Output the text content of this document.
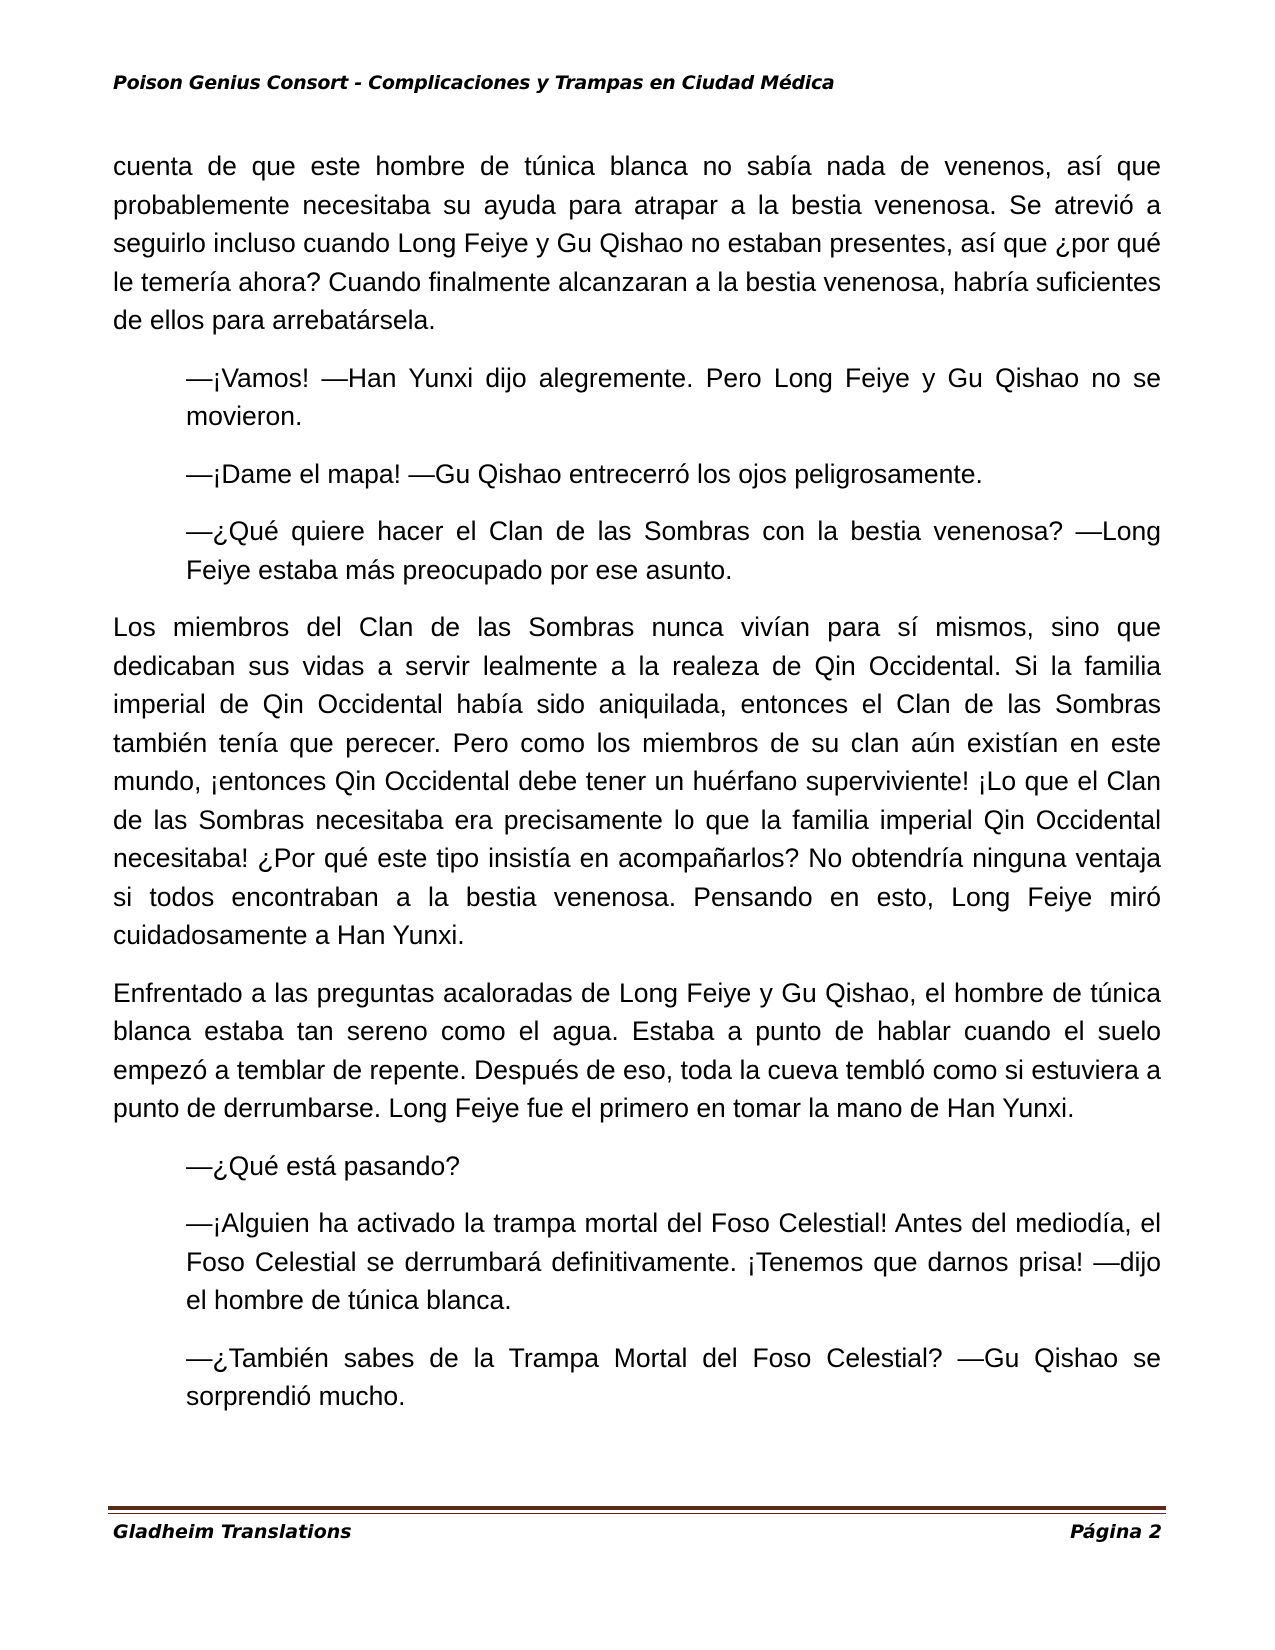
Poison Genius Consort - Complicaciones y Trampas en Ciudad Médica

cuenta de que este hombre de túnica blanca no sabía nada de venenos, así que probablemente necesitaba su ayuda para atrapar a la bestia venenosa. Se atrevió a seguirlo incluso cuando Long Feiye y Gu Qishao no estaban presentes, así que ¿por qué le temería ahora? Cuando finalmente alcanzaran a la bestia venenosa, habría suficientes de ellos para arrebatársela.

—¡Vamos! —Han Yunxi dijo alegremente. Pero Long Feiye y Gu Qishao no se movieron.

—¡Dame el mapa! —Gu Qishao entrecerró los ojos peligrosamente.

—¿Qué quiere hacer el Clan de las Sombras con la bestia venenosa? —Long Feiye estaba más preocupado por ese asunto.

Los miembros del Clan de las Sombras nunca vivían para sí mismos, sino que dedicaban sus vidas a servir lealmente a la realeza de Qin Occidental. Si la familia imperial de Qin Occidental había sido aniquilada, entonces el Clan de las Sombras también tenía que perecer. Pero como los miembros de su clan aún existían en este mundo, ¡entonces Qin Occidental debe tener un huérfano superviviente! ¡Lo que el Clan de las Sombras necesitaba era precisamente lo que la familia imperial Qin Occidental necesitaba! ¿Por qué este tipo insistía en acompañarlos? No obtendría ninguna ventaja si todos encontraban a la bestia venenosa. Pensando en esto, Long Feiye miró cuidadosamente a Han Yunxi.

Enfrentado a las preguntas acaloradas de Long Feiye y Gu Qishao, el hombre de túnica blanca estaba tan sereno como el agua. Estaba a punto de hablar cuando el suelo empezó a temblar de repente. Después de eso, toda la cueva tembló como si estuviera a punto de derrumbarse. Long Feiye fue el primero en tomar la mano de Han Yunxi.

—¿Qué está pasando?

—¡Alguien ha activado la trampa mortal del Foso Celestial! Antes del mediodía, el Foso Celestial se derrumbará definitivamente. ¡Tenemos que darnos prisa! —dijo el hombre de túnica blanca.

—¿También sabes de la Trampa Mortal del Foso Celestial? —Gu Qishao se sorprendió mucho.

Gladheim Translations	Página 2
